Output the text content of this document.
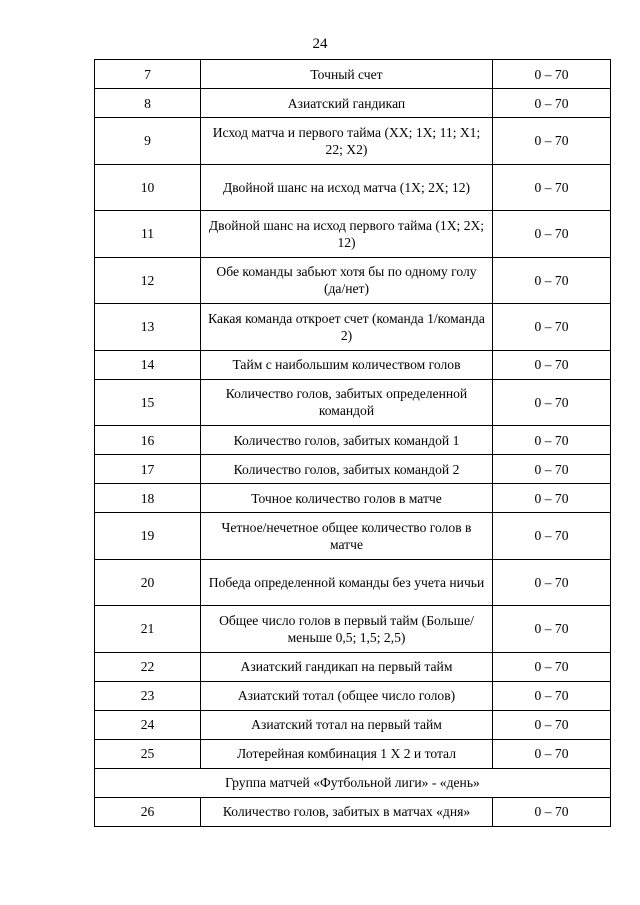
24
7	Точный счет	0 – 70
8	Азиатский гандикап	0 – 70
9	Исход матча и первого тайма (XX; 1X; 11; X1; 22; X2)	0 – 70
10	Двойной шанс на исход матча (1X; 2X; 12)	0 – 70
11	Двойной шанс на исход первого тайма (1X; 2X; 12)	0 – 70
12	Обе команды забьют хотя бы по одному голу (да/нет)	0 – 70
13	Какая команда откроет счет (команда 1/команда 2)	0 – 70
14	Тайм с наибольшим количеством голов	0 – 70
15	Количество голов, забитых определенной командой	0 – 70
16	Количество голов, забитых командой 1	0 – 70
17	Количество голов, забитых командой 2	0 – 70
18	Точное количество голов в матче	0 – 70
19	Четное/нечетное общее количество голов в матче	0 – 70
20	Победа определенной команды без учета ничьи	0 – 70
21	Общее число голов в первый тайм (Больше/меньше 0,5; 1,5; 2,5)	0 – 70
22	Азиатский гандикап на первый тайм	0 – 70
23	Азиатский тотал (общее число голов)	0 – 70
24	Азиатский тотал на первый тайм	0 – 70
25	Лотерейная комбинация 1 X 2 и тотал	0 – 70
Группа матчей «Футбольной лиги» - «день»		
26	Количество голов, забитых в матчах «дня»	0 – 70
